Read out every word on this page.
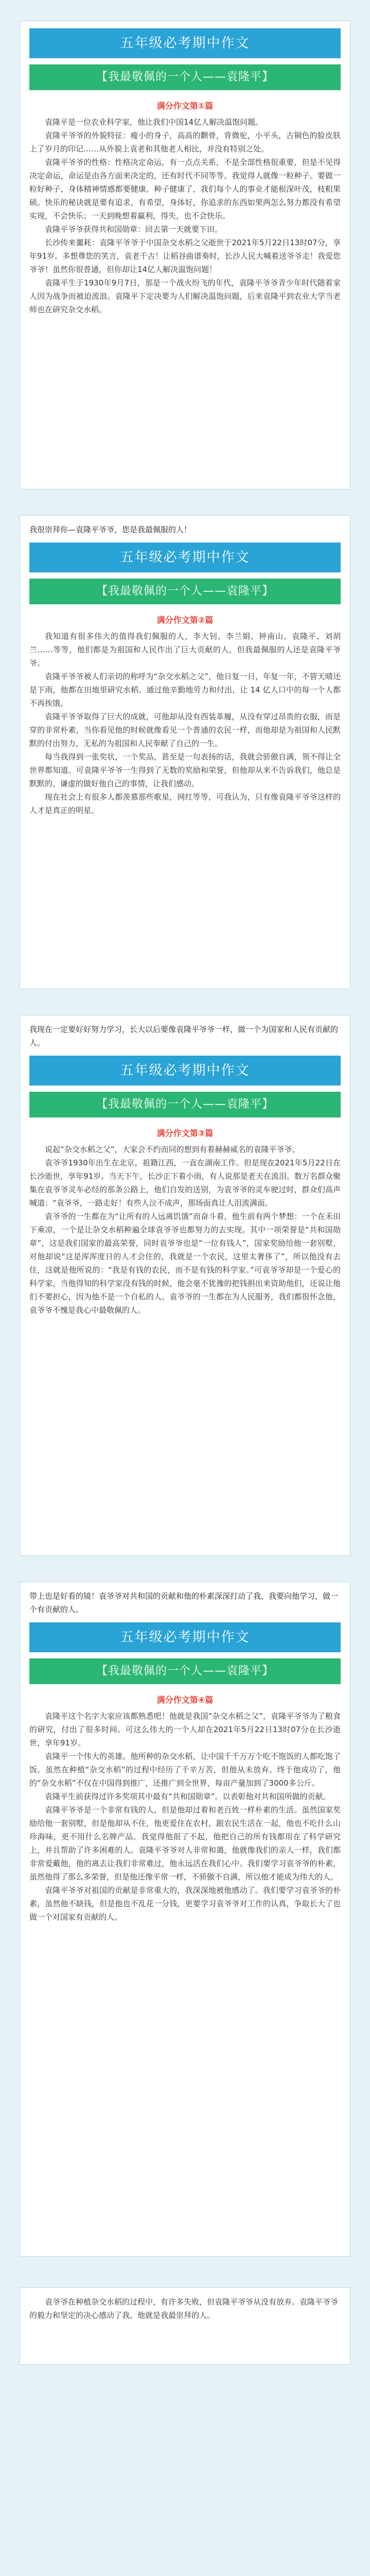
五年级必考期中作文
【我最敬佩的一个人——袁隆平】
满分作文第①篇

袁隆平是一位农业科学家，他让我们中国14亿人解决温饱问题。

袁隆平爷爷的外貌特征：瘦小的身子，高高的颧骨，背微驼，小平头，古铜色的脸皮肤上了岁月的印记……从外貌上袁老和其他老人相比，并没有特别之处。

袁隆平爷爷的性格：性格决定命运，有一点点关系，不是全部性格很重要，但是不见得决定命运，命运是由各方面来决定的，还有时代不同等等。我觉得人就像一粒种子。要做一粒好种子，身体精神情感都要健康。种子健康了，我们每个人的事业才能根深叶茂，枝粗果硕。快乐的秘诀就是要有追求，有希望，身体好，你追求的东西如果两怎么努力都没有希望实现，不会快乐；一天到晚想着赢利，得失，也不会快乐。

袁隆平爷爷获得共和国勋章：回去第一天就要下田。

长沙传来噩耗：袁隆平爷爷于中国杂交水稻之父逝世于2021年5月22日13时07分，享年91岁。多想尊您的笑言，袁老千古！让稻谷曲谱奏时，长沙人民大喊着送爷爷走！我爱您爷爷！虽然你很普通，但你却让14亿人解决温饱问题！

袁隆平生于1930年9月7日，那是一个战火纷飞的年代，袁隆平爷爷青少年时代随着家人因为战争而被迫流浪。袁隆平下定决要为人们解决温饱问题，后来袁隆平到农业大学当老师也在研究杂交水稻。

我很崇拜你—袁隆平爷爷，您是我最佩服的人！
五年级必考期中作文
【我最敬佩的一个人——袁隆平】
满分作文第②篇

我知道有很多伟大的值得我们佩服的人，李大钊、李兰娟、钟南山、袁隆平、刘胡兰……等等，他们都是为祖国和人民作出了巨大贡献的人，但我最佩服的人还是袁隆平爷爷。

袁隆平爷爷被人们亲切的称呼为“杂交水稻之父”，他日复一日，年复一年，不管天晴还是下雨，他都在田地里研究水稻。通过他辛勤地劳力和付出，让 14 亿人口中的每一个人都不再挨饿。

袁隆平爷爷取得了巨大的成就，可他却从没有西装革履，从没有穿过昂贵的衣服，而是穿的非常朴素，当你看见他的时候就像看见一个普通的农民一样，而他却是为祖国和人民默默的付出努力，无私的为祖国和人民奉献了自己的一生。

每当我得到一张奖状，一个奖品，甚至是一句表扬的话，我就会骄傲自满，领不得让全世界都知道。可袁隆平爷爷一生得到了无数的奖励和荣誉，但他却从来不告诉我们，他总是默默的、谦虚的做好他自己的事情，让我们感动。

现在社会上有很多人都羡慕那些歌星，网红等等，可我认为，只有像袁隆平爷爷这样的人才是真正的明星。

我现在一定要好好努力学习，长大以后要像袁隆平爷爷一样，做一个为国家和人民有贡献的人。
五年级必考期中作文
【我最敬佩的一个人——袁隆平】
满分作文第③篇

说起“杂交水稻之父”，大家会不约而同的想到有着赫赫威名的袁隆平爷爷。

袁爷爷1930年出生在北京，祖籍江西，一直在湖南工作。但是现在2021年5月22日在长沙逝世，享年91岁。当天下午，长沙正下着小雨，有人说那是老天在流泪。数万名群众聚集在袁爷爷灵车必经的那条公路上，他们自发的送别，为袁爷爷的灵车驶过时，群众们高声喊道：“袁爷爷，一路走好！有些人泣不成声，那场面真让人泪流满面。

袁爷爷的一生都在为“让所有的人远离饥饿”而奋斗着，他生前有两个梦想：一个在禾田下乘凉，一个是让杂交水稻种遍全球袁爷爷也都努力的去实现。其中一项荣誉是“共和国勋章”，这是我们国家的最高荣誉，同时袁爷爷也是“一位有钱人”，国家奖励给他一套别墅，对他却说“这是浑浑度日的人才会住的，我就是一个农民，这里太奢侈了”，所以他没有去住，这就是他所说的：“我是有钱的农民，而不是有钱的科学家。”可袁爷爷却是一个爱心的科学家，当他得知的科学家没有钱的时候，他会毫不犹豫的把钱捐出来资助他们，还说让他们不要担心，因为他不是一个自私的人。袁爷爷的一生都在为人民服务，我们都很怀念他，袁爷爷不愧是我心中最敬佩的人。

带上也是好看的镜！袁爷爷对共和国的贡献和他的朴素深深打动了我，我要向他学习，做一个有贡献的人。
五年级必考期中作文
【我最敬佩的一个人——袁隆平】
满分作文第④篇

袁隆平这个名字大家应该都熟悉吧！他就是我国“杂交水稻之父”，袁隆平爷爷为了粮食的研究，付出了很多时间。可这么伟大的一个人却在2021年5月22日13时07分在长沙逝世，享年91岁。

袁隆平一个伟大的英雄。他所种的杂交水稻，让中国千千万万个吃不饱饭的人都吃饱了饭。虽然在种植“杂交水稻”的过程中经历了千辛万苦，但他从未放弃。终于他成功了，他的“杂交水稻”不仅在中国得到推广，还推广到全世界，每亩产量加到了3000多公斤。

袁隆平生前获得过许多奖项其中最有“共和国勋章”。以表彰他对共和国所做的贡献。

袁隆平爷爷是一个非常有钱的人，但是他却过着和老百姓一样朴素的生活。虽然国家奖励给他一套别墅，但是他却从不住，他更爱住在农村，跟农民生活在一起，他也不吃什么山珍海味，更不用什么名牌产品。我觉得他很了不起，他把自己的所有钱都用在了科学研究上，并且帮助了许多困难的人。袁隆平爷爷对人非常和蔼，他就像我们的亲人一样，我们都非常爱戴他，他的离去让我们非常难过，他永远活在我们心中。我们要学习袁爷爷的朴素，虽然他得了那么多荣誉，但是他还像平常一样，不骄傲不自满，所以他才能成为伟大的人。

袁隆平爷爷对祖国的贡献是非常重大的，我深深地被他感动了。我们要学习袁爷爷的朴素，虽然他不缺钱，但是他也不乱花一分钱，更要学习袁爷爷对工作的认真，争取长大了也做一个对国家有贡献的人。

袁爷爷在种植杂交水稻的过程中，有许多失败，但袁隆平爷爷从没有放弃。袁隆平爷爷的毅力和坚定的决心感动了我。他就是我最崇拜的人。
